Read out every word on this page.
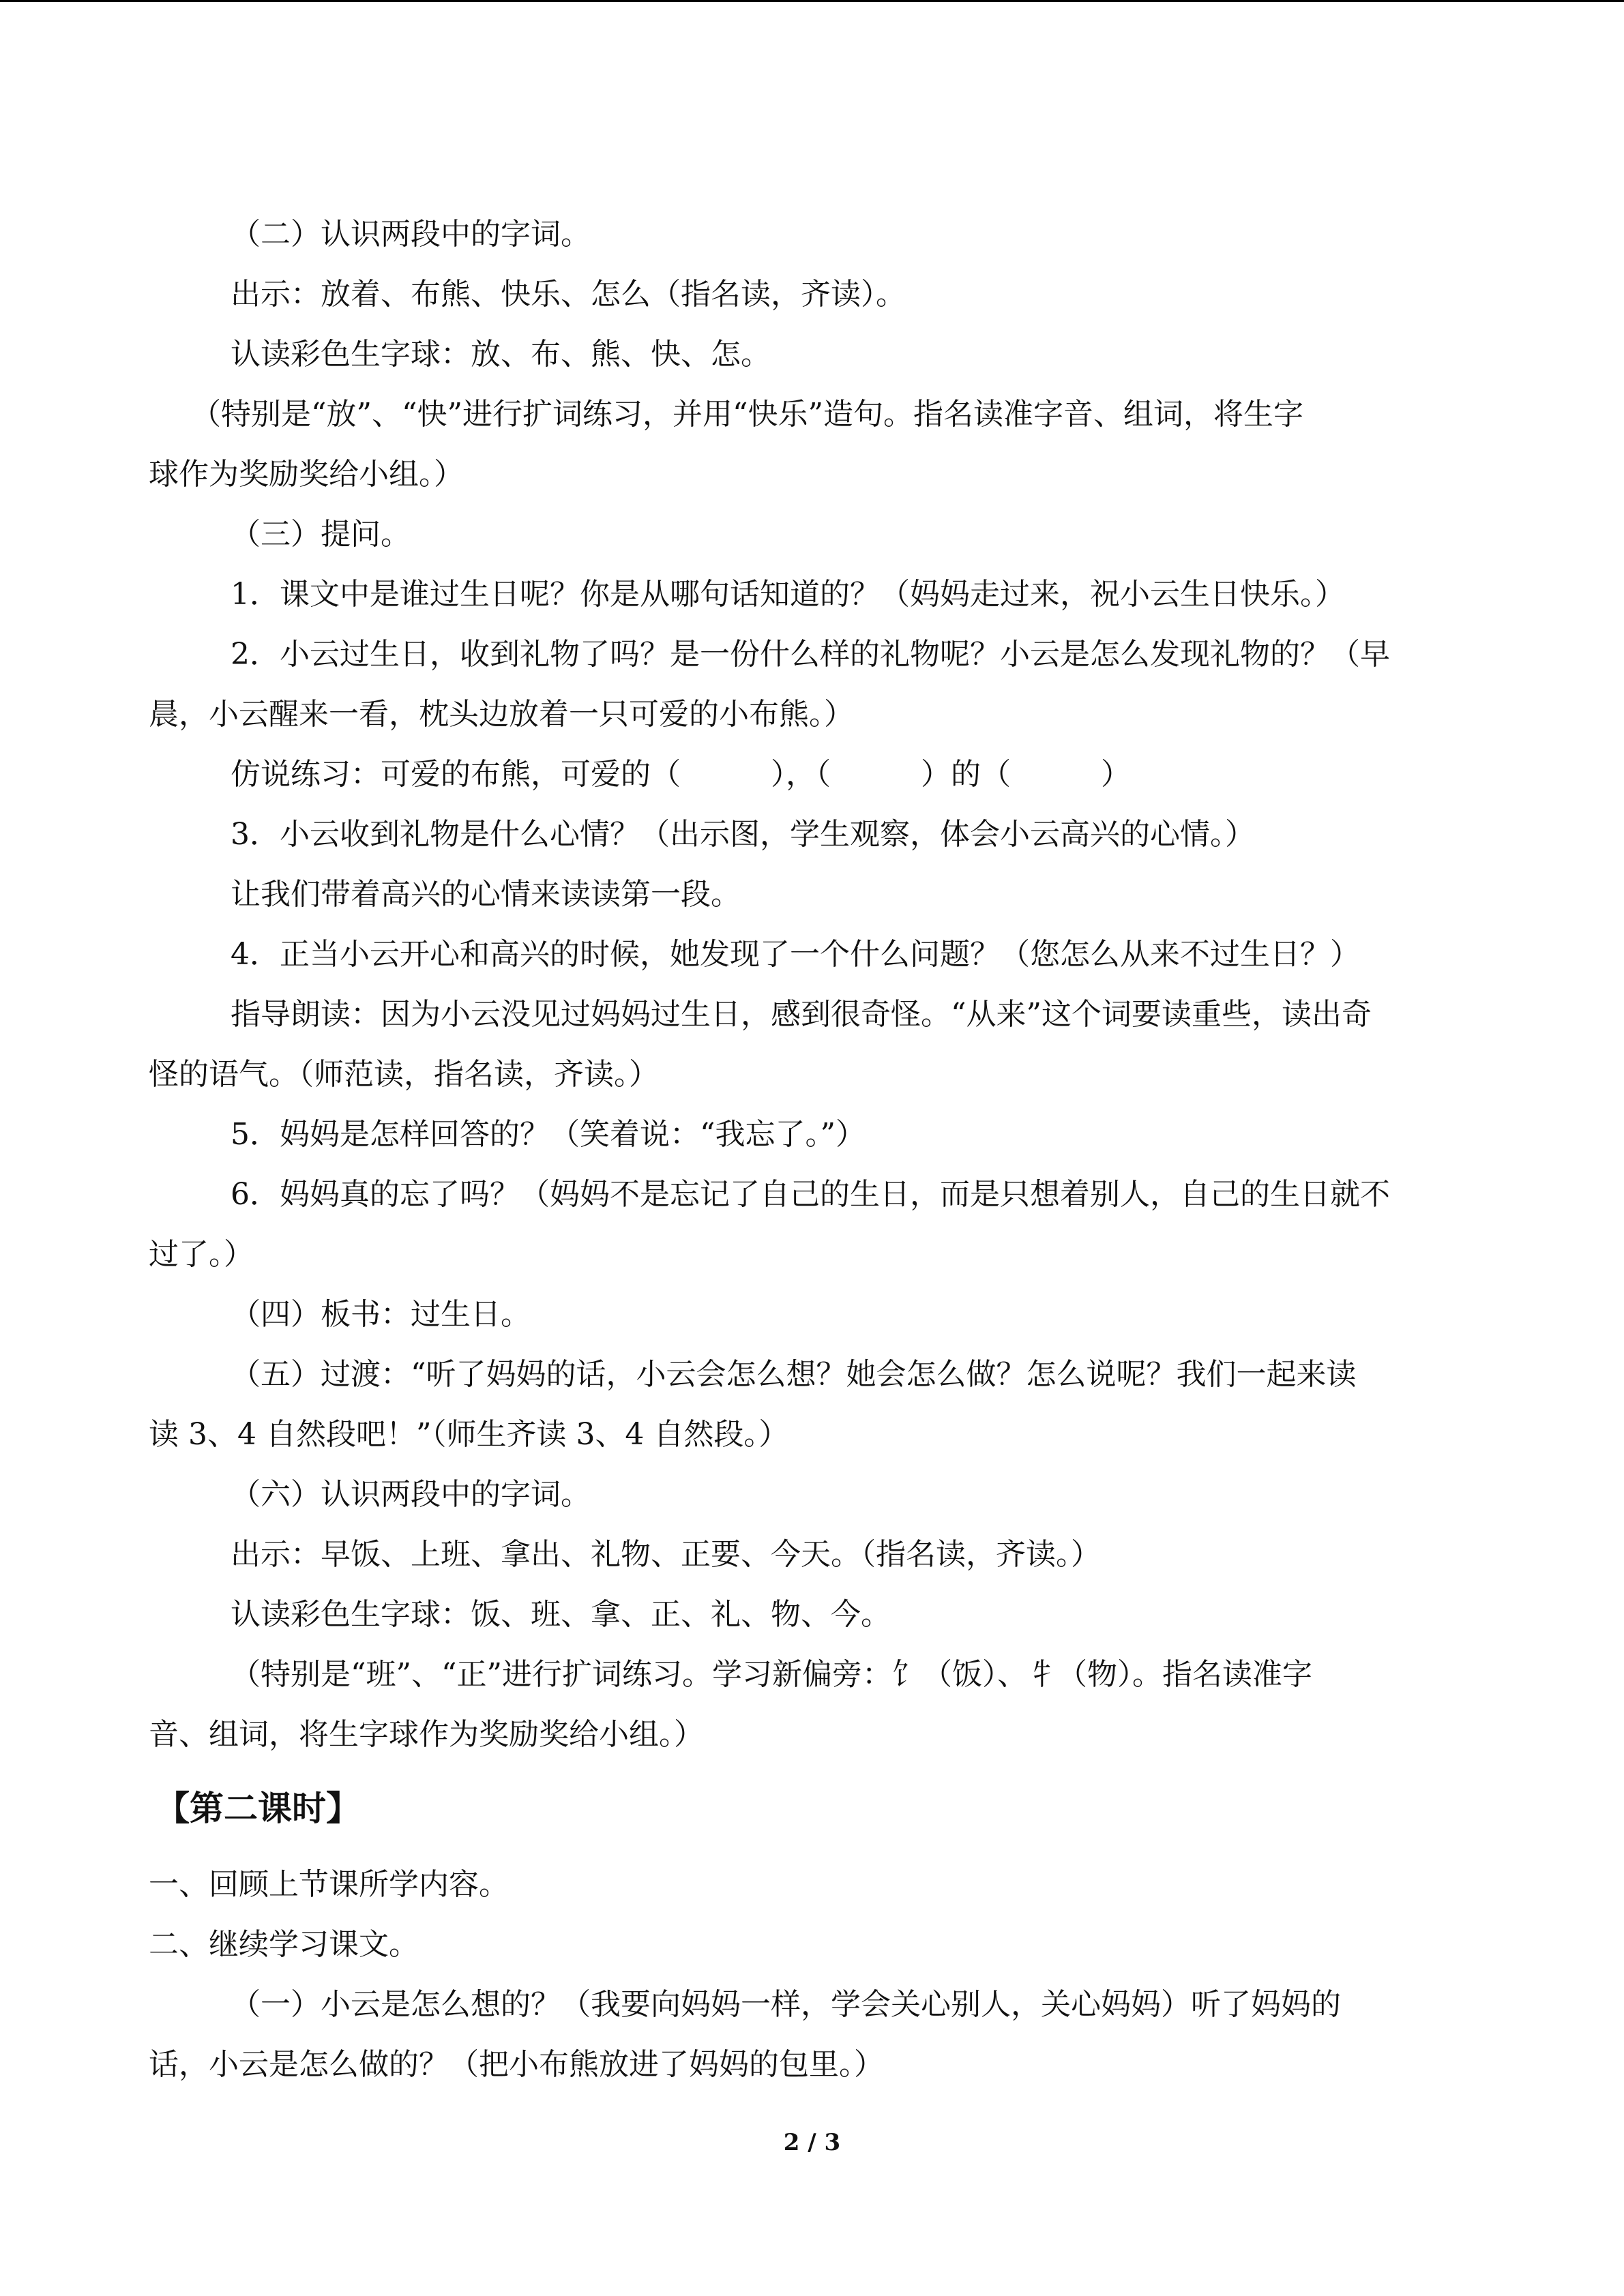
（二）认识两段中的字词。

出示：放着、布熊、快乐、怎么（指名读，齐读）。

认读彩色生字球：放、布、熊、快、怎。

（特别是“放”、“快”进行扩词练习，并用“快乐”造句。指名读准字音、组词，将生字

球作为奖励奖给小组。）

（三）提问。

1．课文中是谁过生日呢？你是从哪句话知道的？（妈妈走过来，祝小云生日快乐。）

2．小云过生日，收到礼物了吗？是一份什么样的礼物呢？小云是怎么发现礼物的？（早

晨，小云醒来一看，枕头边放着一只可爱的小布熊。）

仿说练习：可爱的布熊，可爱的（　　　），（　　　）的（　　　）

3．小云收到礼物是什么心情？（出示图，学生观察，体会小云高兴的心情。）

让我们带着高兴的心情来读读第一段。

4．正当小云开心和高兴的时候，她发现了一个什么问题？（您怎么从来不过生日？）

指导朗读：因为小云没见过妈妈过生日，感到很奇怪。“从来”这个词要读重些，读出奇

怪的语气。（师范读，指名读，齐读。）

5．妈妈是怎样回答的？（笑着说：“我忘了。”）

6．妈妈真的忘了吗？（妈妈不是忘记了自己的生日，而是只想着别人，自己的生日就不

过了。）

（四）板书：过生日。

（五）过渡：“听了妈妈的话，小云会怎么想？她会怎么做？怎么说呢？我们一起来读

读 3、4 自然段吧！”（师生齐读 3、4 自然段。）

（六）认识两段中的字词。

出示：早饭、上班、拿出、礼物、正要、今天。（指名读，齐读。）

认读彩色生字球：饭、班、拿、正、礼、物、今。

（特别是“班”、“正”进行扩词练习。学习新偏旁：饣（饭）、牜（物）。指名读准字

音、组词，将生字球作为奖励奖给小组。）

【第二课时】

一、回顾上节课所学内容。

二、继续学习课文。

（一）小云是怎么想的？（我要向妈妈一样，学会关心别人，关心妈妈）听了妈妈的

话，小云是怎么做的？（把小布熊放进了妈妈的包里。）

2 / 3
